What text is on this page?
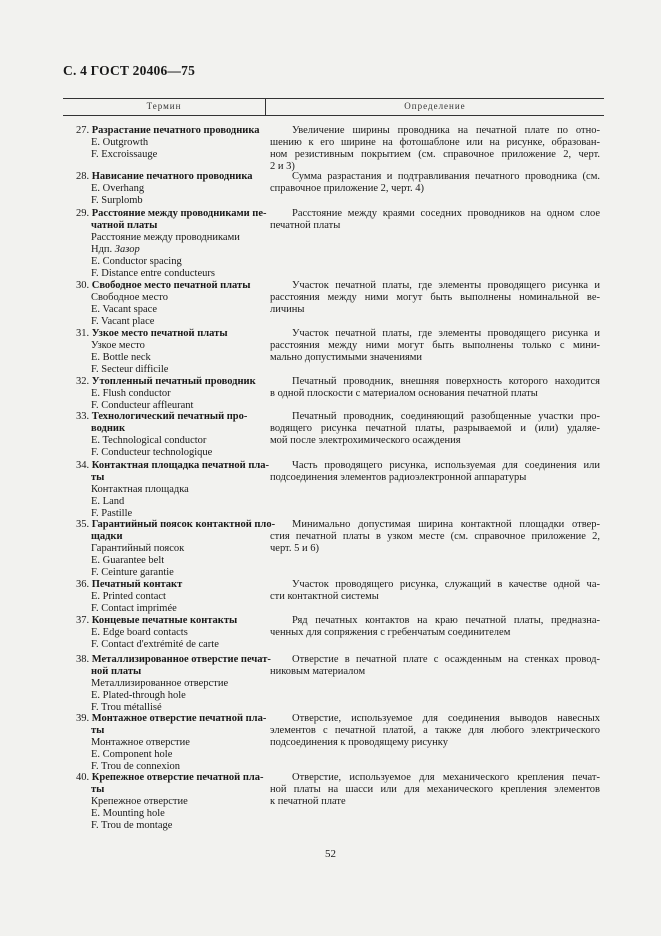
С. 4 ГОСТ 20406—75
Термин	Определение
27. Разрастание печатного проводника
E. Outgrowth
F. Excroissauge
Увеличение ширины проводника на печатной плате по отно-
шению к его ширине на фотошаблоне или на рисунке, образован-
ном резистивным покрытием (см. справочное приложение 2, черт.
2 и 3)
28. Нависание печатного проводника
E. Overhang
F. Surplomb
Сумма разрастания и подтравливания печатного проводника (см.
справочное приложение 2, черт. 4)
29. Расстояние между проводниками пе-
чатной платы
Расстояние между проводниками
Ндп. Зазор
E. Conductor spacing
F. Distance entre conducteurs
Расстояние между краями соседних проводников на одном слое
печатной платы
30. Свободное место печатной платы
Свободное место
E. Vacant space
F. Vacant place
Участок печатной платы, где элементы проводящего рисунка и
расстояния между ними могут быть выполнены номинальной ве-
личины
31. Узкое место печатной платы
Узкое место
E. Bottle neck
F. Secteur difficile
Участок печатной платы, где элементы проводящего рисунка и
расстояния между ними могут быть выполнены только с мини-
мально допустимыми значениями
32. Утопленный печатный проводник
E. Flush conductor
F. Conducteur affleurant
Печатный проводник, внешняя поверхность которого находится
в одной плоскости с материалом основания печатной платы
33. Технологический печатный про-
водник
E. Technological conductor
F. Conducteur technologique
Печатный проводник, соединяющий разобщенные участки про-
водящего рисунка печатной платы, разрываемой и (или) удаляе-
мой после электрохимического осаждения
34. Контактная площадка печатной пла-
ты
Контактная площадка
E. Land
F. Pastille
Часть проводящего рисунка, используемая для соединения или
подсоединения элементов радиоэлектронной аппаратуры
35. Гарантийный поясок контактной пло-
щадки
Гарантийный поясок
E. Guarantee belt
F. Ceinture garantie
Минимально допустимая ширина контактной площадки отвер-
стия печатной платы в узком месте (см. справочное приложение 2,
черт. 5 и 6)
36. Печатный контакт
E. Printed contact
F. Contact imprimée
Участок проводящего рисунка, служащий в качестве одной ча-
сти контактной системы
37. Концевые печатные контакты
E. Edge board contacts
F. Contact d'extrémité de carte
Ряд печатных контактов на краю печатной платы, предназна-
ченных для сопряжения с гребенчатым соединителем
38. Металлизированное отверстие печат-
ной платы
Металлизированное отверстие
E. Plated-through hole
F. Trou métallisé
Отверстие в печатной плате с осажденным на стенках провод-
никовым материалом
39. Монтажное отверстие печатной пла-
ты
Монтажное отверстие
E. Component hole
F. Trou de connexion
Отверстие, используемое для соединения выводов навесных
элементов с печатной платой, а также для любого электрического
подсоединения к проводящему рисунку
40. Крепежное отверстие печатной пла-
ты
Крепежное отверстие
E. Mounting hole
F. Trou de montage
Отверстие, используемое для механического крепления печат-
ной платы на шасси или для механического крепления элементов
к печатной плате
52
